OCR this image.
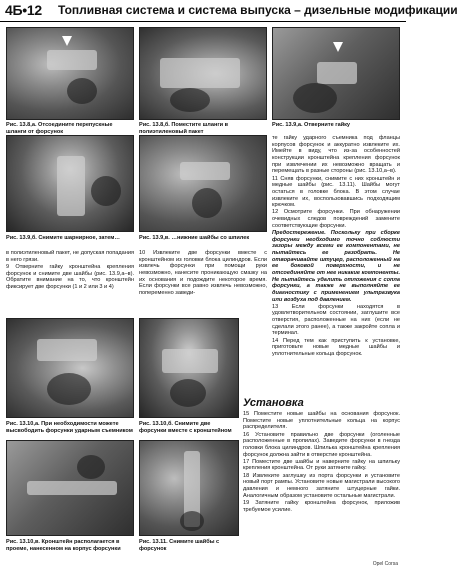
4Б•12 Топливная система и система выпуска – дизельные модификации
Рис. 13.8,а. Отсоедините перепускные шланги от форсунок
Рис. 13.8,б. Поместите шланги в полиэтиленовый пакет
Рис. 13.9,а. Отверните гайку
Рис. 13.9,б. Снимите шарнирное, затем…	Рис. 13.9,в. …нижние шайбы со шпилек

в полиэтиленовый пакет, не допуская попадания в него грязи.

9 Отверните гайку кронштейна крепления форсунок и снимите две шайбы (рис. 13.9,а–в). Обратите внимание на то, что кронштейн фиксирует две форсунки (1 и 2 или 3 и 4)

10 Извлеките две форсунки вместе с кронштейном из головки блока цилиндров. Если извлечь форсунки при помощи руки невозможно, нанесите проникающую смазку на их основания и подождите некоторое время. Если форсунки все равно извлечь невозможно, попеременно заведи-

те гайку ударного съемника под фланцы корпусов форсунок и аккуратно извлеките их. Имейте в виду, что из-за особенностей конструкции кронштейна крепления форсунок при извлечении их невозможно вращать и перемещать в разные стороны (рис. 13.10,а–в).

11 Сняв форсунки, снимите с них кронштейн и медные шайбы (рис. 13.11). Шайбы могут остаться в головке блока. В этом случае извлеките их, воспользовавшись подходящим крючком.

12 Осмотрите форсунки. При обнаружении очевидных следов повреждений замените соответствующие форсунки.

Предостережение. Поскольку при сборке форсунки необходимо точно соблюсти зазоры между всеми ее компонентами, не пытайтесь ее разобрать. Не отворачивайте штуцер, расположенный на ее боковой поверхности, и не отсоединяйте от нее никакие компоненты. Не пытайтесь удалить отложения с сопла форсунки, а также не выполняйте ее диагностику с применением ультразвука или воздуха под давлением.

13 Если форсунки находятся в удовлетворительном состоянии, заглушите все отверстия, расположенные на них (если не сделали этого ранее), а также закройте сопла и терминал.

14 Перед тем как приступить к установке, приготовьте новые медные шайбы и уплотнительные кольца форсунок.

Рис. 13.10,а. При необходимости можете высвободить форсунки ударным съемником
Рис. 13.10,б. Снимите две форсунки вместе с кронштейном
Рис. 13.10,в. Кронштейн располагается в проеме, нанесенном на корпус форсунки
Рис. 13.11. Снимите шайбы с форсунок
Установка

15 Поместите новые шайбы на основания форсунок. Поместите новые уплотнительные кольца на корпус распределителя.

16 Установите правильно две форсунки (оголенные расположенные в пропилах). Заведите форсунки в гнезда головки блока цилиндров. Шпилька кронштейна крепления форсунок должна зайти в отверстие кронштейна.

17 Поместите две шайбы и наверните гайку на шпильку крепления кронштейна. От руки затяните гайку.

18 Извлеките заглушку из порта форсунки и установите новый порт рампы. Установите новые магистрали высокого давления и немного затяните штуцерные гайки. Аналогичным образом установите остальные магистрали.

19 Затяните гайку кронштейна форсунок, приложив требуемое усилие.

Opel Corsa
